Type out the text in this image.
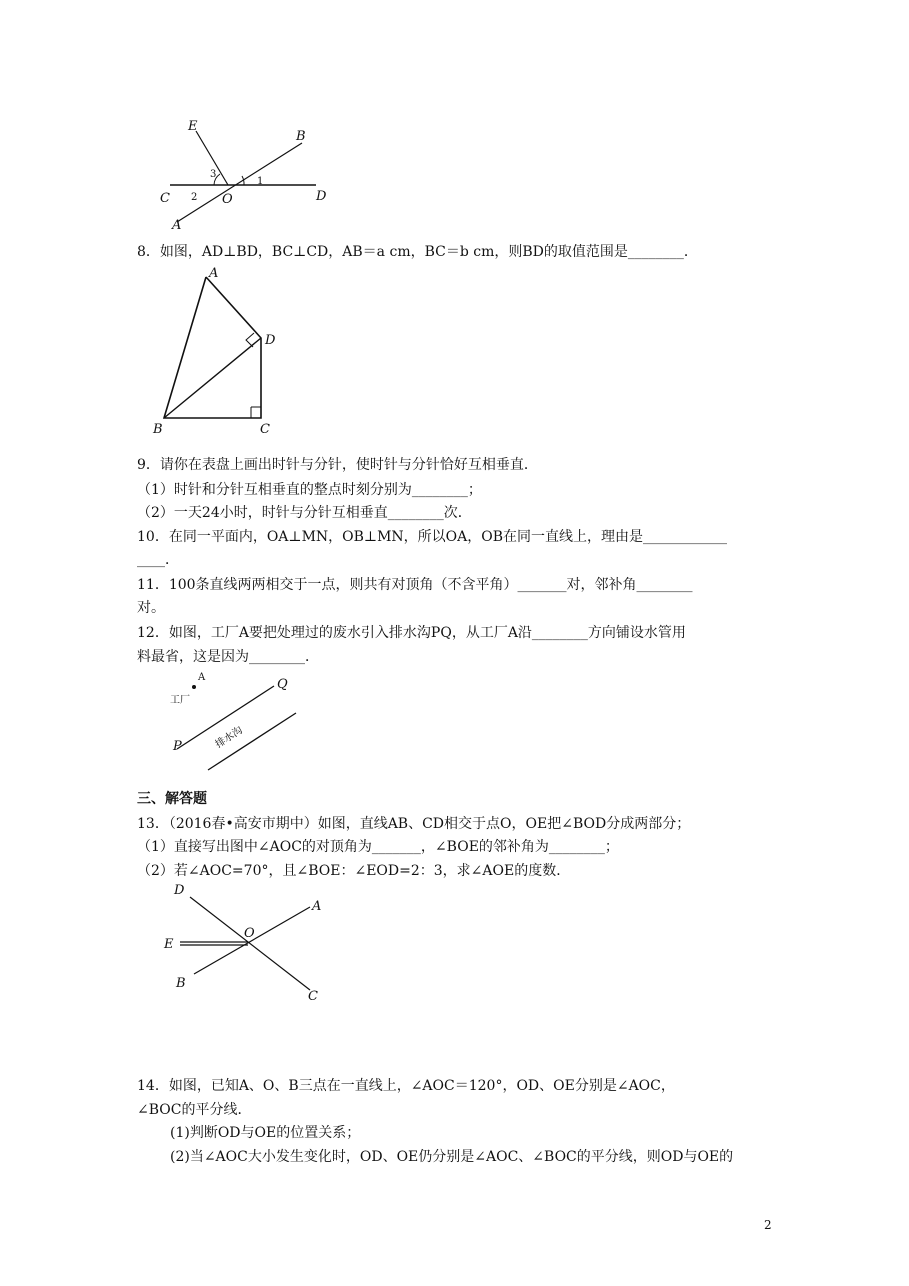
E
B
C	O	D
A
1
2
3
8．如图，AD⊥BD，BC⊥CD，AB＝a cm，BC＝b cm，则BD的取值范围是________．
A
D
B	C
9．请你在表盘上画出时针与分针，使时针与分针恰好互相垂直．
（1）时针和分针互相垂直的整点时刻分别为________；
（2）一天24小时，时针与分针互相垂直________次．
10．在同一平面内，OA⊥MN，OB⊥MN，所以OA，OB在同一直线上，理由是____________
____．
11．100条直线两两相交于一点，则共有对顶角（不含平角）_______对，邻补角________
对。
12．如图，工厂A要把处理过的废水引入排水沟PQ，从工厂A沿________方向铺设水管用
料最省，这是因为________．
工厂
A	Q
P	排水沟
三、解答题
13．（2016春•高安市期中）如图，直线AB、CD相交于点O，OE把∠BOD分成两部分；
（1）直接写出图中∠AOC的对顶角为_______，∠BOE的邻补角为________；
（2）若∠AOC=70°，且∠BOE：∠EOD=2：3，求∠AOE的度数．
D
A
E
O
B
C
14．如图，已知A、O、B三点在一直线上，∠AOC＝120°，OD、OE分别是∠AOC，
∠BOC的平分线．
(1)判断OD与OE的位置关系；
(2)当∠AOC大小发生变化时，OD、OE仍分别是∠AOC、∠BOC的平分线，则OD与OE的
2
